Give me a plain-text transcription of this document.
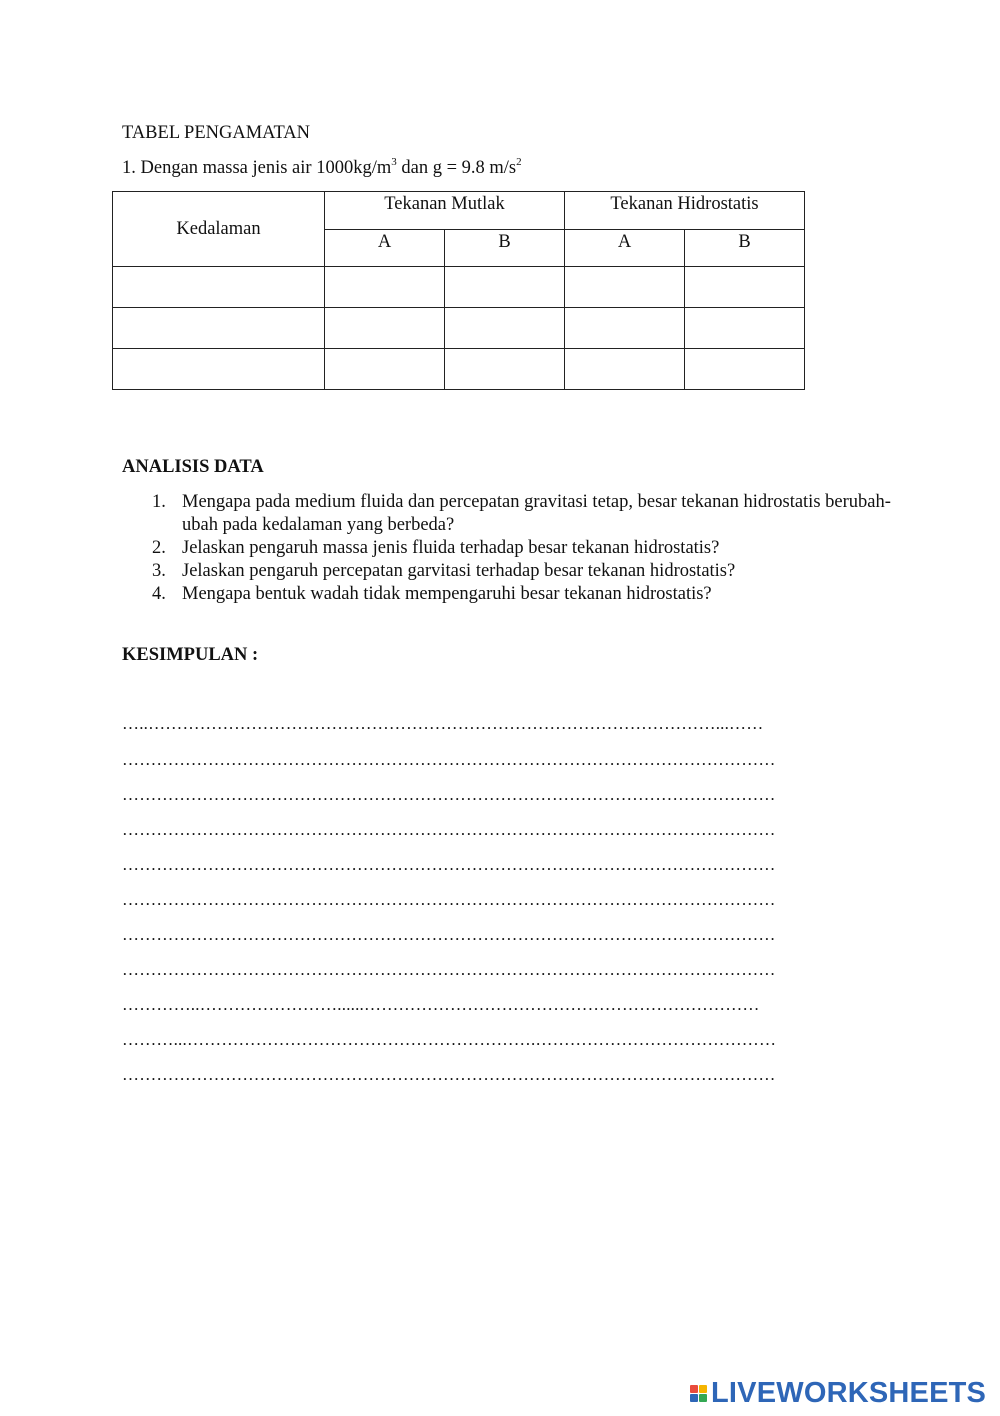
TABEL PENGAMATAN
1. Dengan massa jenis air $1000kg/m^3$ dan g = 9.8 $m/s^2$
Kedalaman	Tekanan Mutlak		Tekanan Hidrostatis	
	A	B	A	B

ANALISIS DATA
1. Mengapa pada medium fluida dan percepatan gravitasi tetap, besar tekanan hidrostatis berubah-ubah pada kedalaman yang berbeda?
2. Jelaskan pengaruh massa jenis fluida terhadap besar tekanan hidrostatis?
3. Jelaskan pengaruh percepatan garvitasi terhadap besar tekanan hidrostatis?
4. Mengapa bentuk wadah tidak mempengaruhi besar tekanan hidrostatis?
KESIMPULAN :
…..………………………………………………………………………………………...……
……………………………………………………………………………………………………
……………………………………………………………………………………………………
……………………………………………………………………………………………………
……………………………………………………………………………………………………
……………………………………………………………………………………………………
……………………………………………………………………………………………………
……………………………………………………………………………………………………
…………..……………………......……………………………………………………………
………...…………………………………………………….……………………………………
……………………………………………………………………………………………………
LIVEWORKSHEETS
